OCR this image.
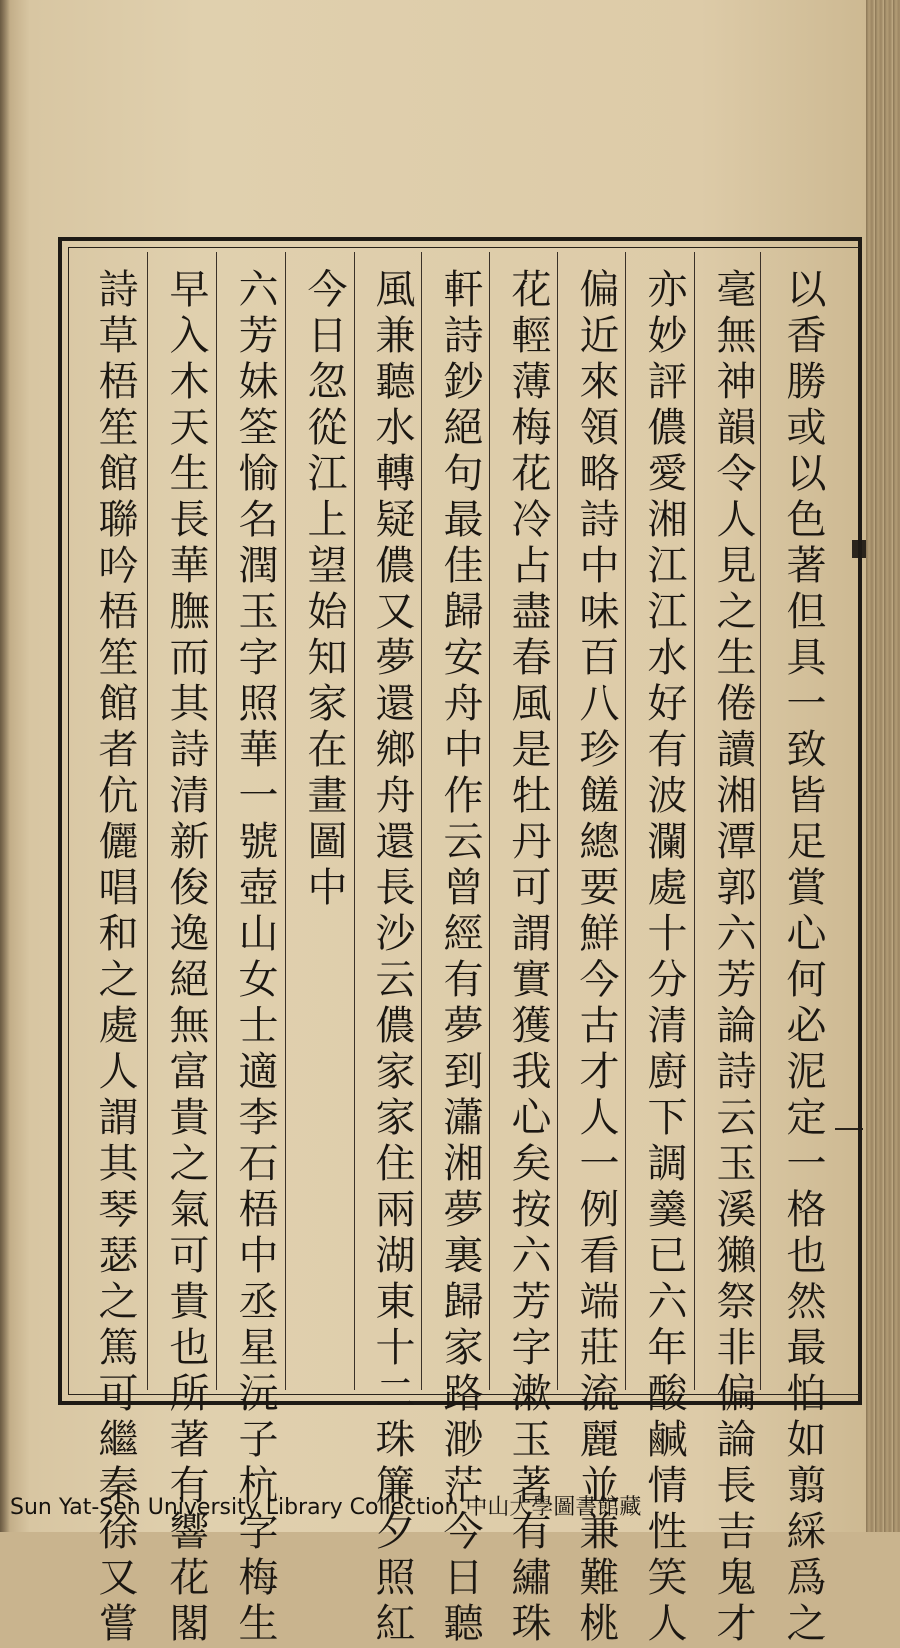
以香勝或以色著但具一致皆足賞心何必泥定一格也然最怕如翦綵爲之
毫無神韻令人見之生倦讀湘潭郭六芳論詩云玉溪獺祭非偏論長吉鬼才
亦妙評儂愛湘江江水好有波瀾處十分清廚下調羹已六年酸鹹情性笑人
偏近來領略詩中味百八珍饈總要鮮今古才人一例看端莊流麗並兼難桃
花輕薄梅花冷占盡春風是牡丹可謂實獲我心矣按六芳字漱玉著有繡珠
軒詩鈔絕句最佳歸安舟中作云曾經有夢到瀟湘夢裏歸家路渺茫今日聽
風兼聽水轉疑儂又夢還鄉舟還長沙云儂家家住兩湖東十二珠簾夕照紅
今日忽從江上望始知家在畫圖中
六芳妹筌愉名潤玉字照華一號壺山女士適李石梧中丞星沅子杭字梅生
早入木天生長華膴而其詩清新俊逸絕無富貴之氣可貴也所著有響花閣
詩草梧笙館聯吟梧笙館者伉儷唱和之處人謂其琴瑟之篤可繼秦徐又嘗
Sun Yat-Sen University Library Collection 中山大學圖書館藏
